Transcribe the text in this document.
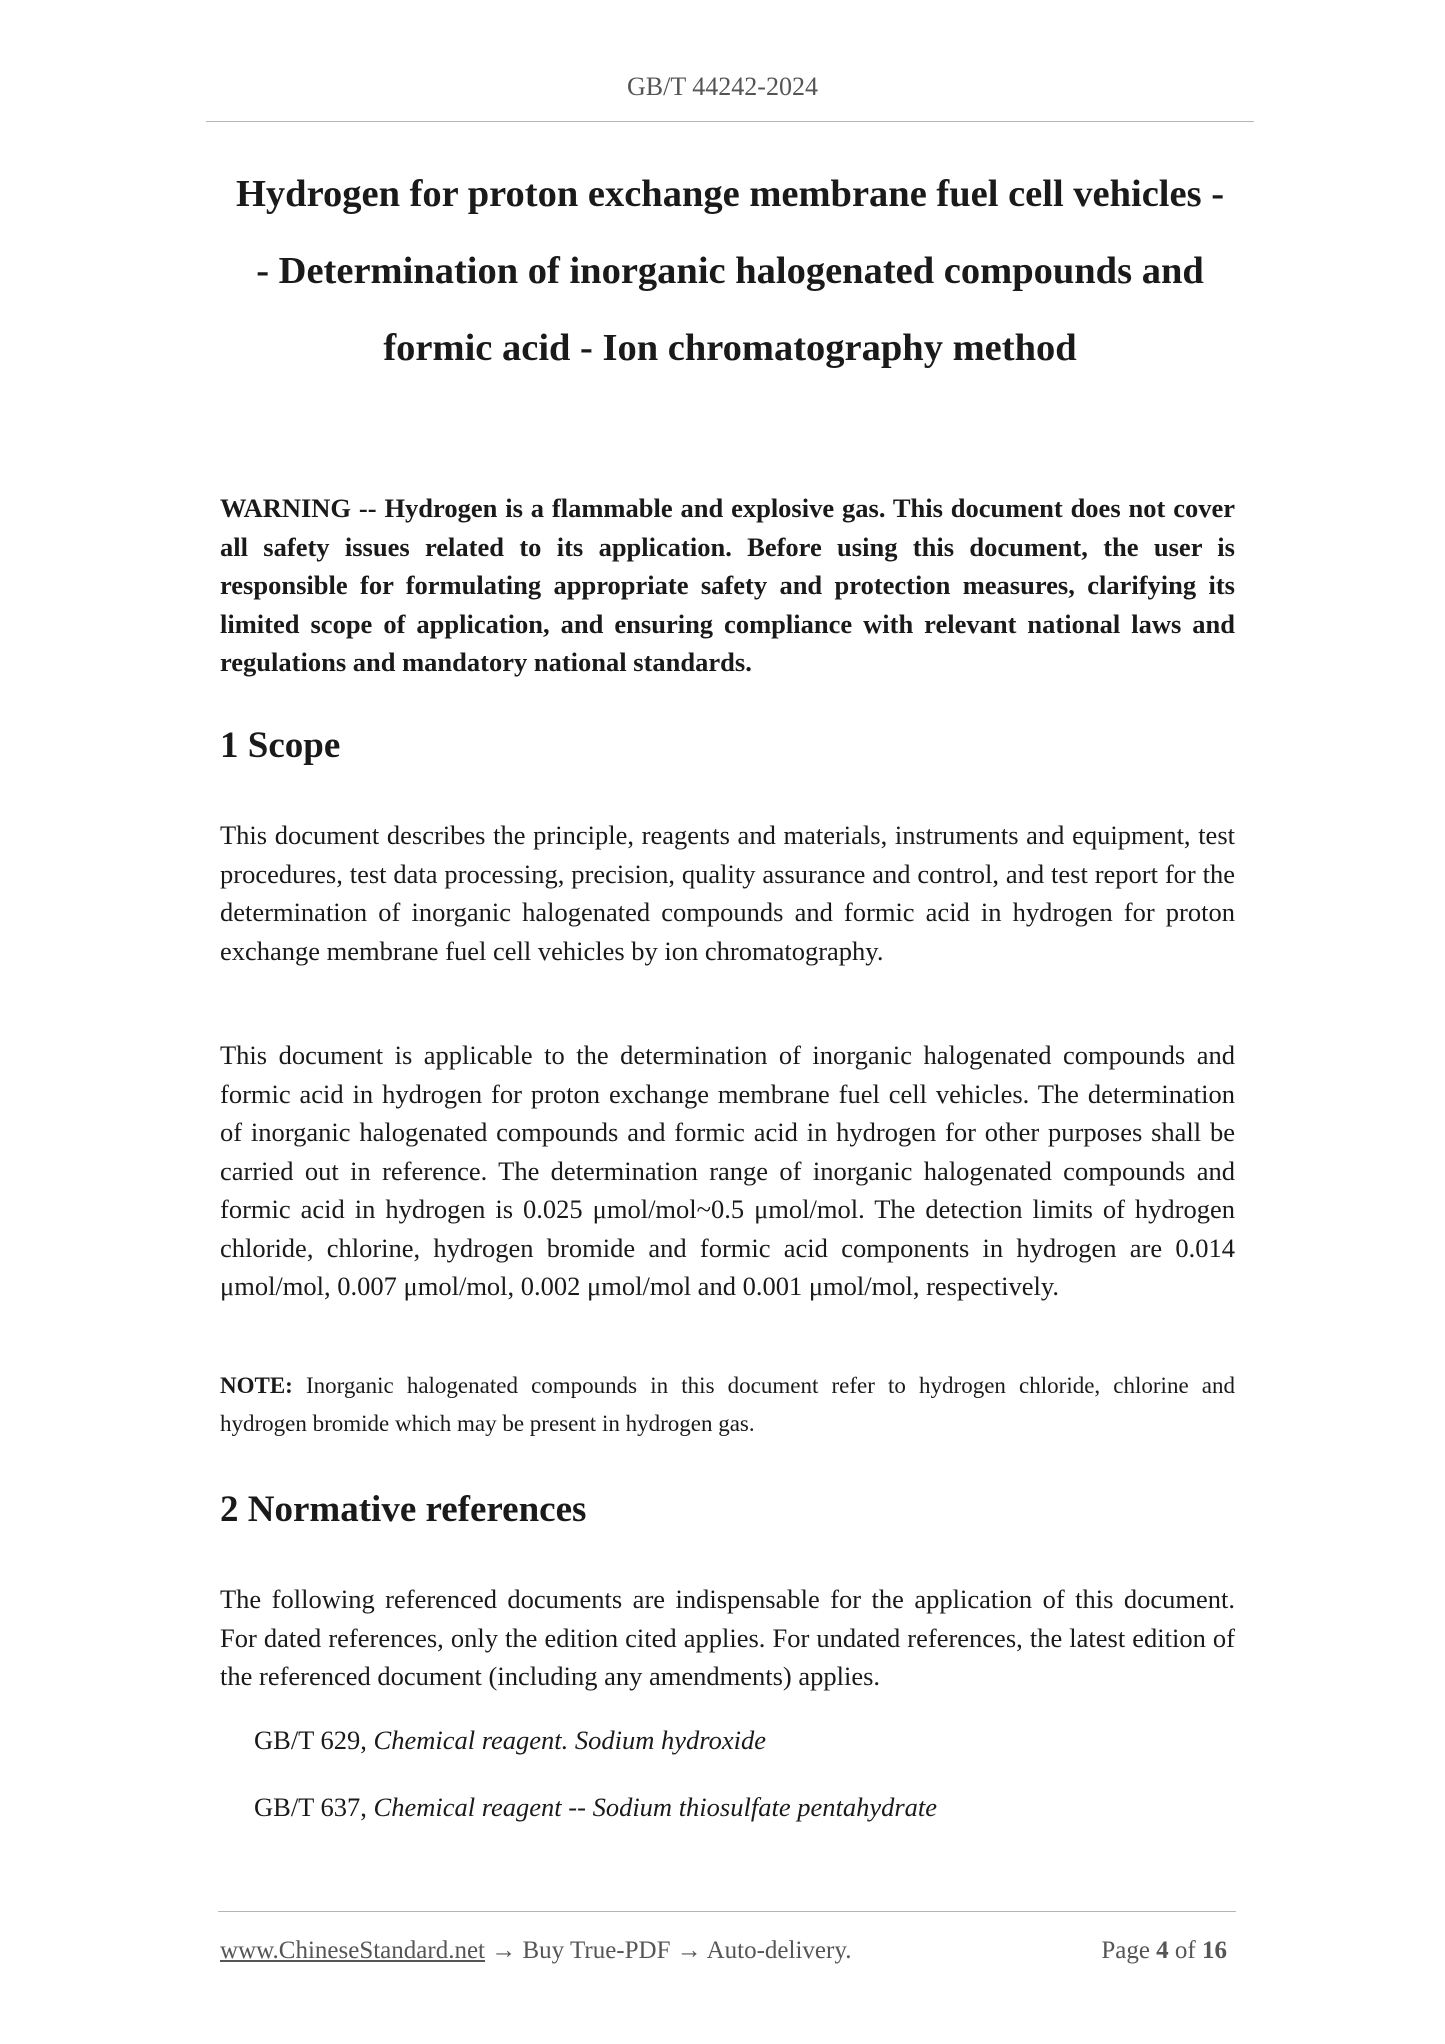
GB/T 44242-2024

Hydrogen for proton exchange membrane fuel cell vehicles -
- Determination of inorganic halogenated compounds and
formic acid - Ion chromatography method

WARNING -- Hydrogen is a flammable and explosive gas. This document does not cover all safety issues related to its application. Before using this document, the user is responsible for formulating appropriate safety and protection measures, clarifying its limited scope of application, and ensuring compliance with relevant national laws and regulations and mandatory national standards.

1 Scope

This document describes the principle, reagents and materials, instruments and equipment, test procedures, test data processing, precision, quality assurance and control, and test report for the determination of inorganic halogenated compounds and formic acid in hydrogen for proton exchange membrane fuel cell vehicles by ion chromatography.

This document is applicable to the determination of inorganic halogenated compounds and formic acid in hydrogen for proton exchange membrane fuel cell vehicles. The determination of inorganic halogenated compounds and formic acid in hydrogen for other purposes shall be carried out in reference. The determination range of inorganic halogenated compounds and formic acid in hydrogen is 0.025 μmol/mol~0.5 μmol/mol. The detection limits of hydrogen chloride, chlorine, hydrogen bromide and formic acid components in hydrogen are 0.014 μmol/mol, 0.007 μmol/mol, 0.002 μmol/mol and 0.001 μmol/mol, respectively.

NOTE: Inorganic halogenated compounds in this document refer to hydrogen chloride, chlorine and hydrogen bromide which may be present in hydrogen gas.

2 Normative references

The following referenced documents are indispensable for the application of this document. For dated references, only the edition cited applies. For undated references, the latest edition of the referenced document (including any amendments) applies.

GB/T 629, Chemical reagent. Sodium hydroxide

GB/T 637, Chemical reagent -- Sodium thiosulfate pentahydrate

www.ChineseStandard.net → Buy True-PDF → Auto-delivery.	Page 4 of 16
